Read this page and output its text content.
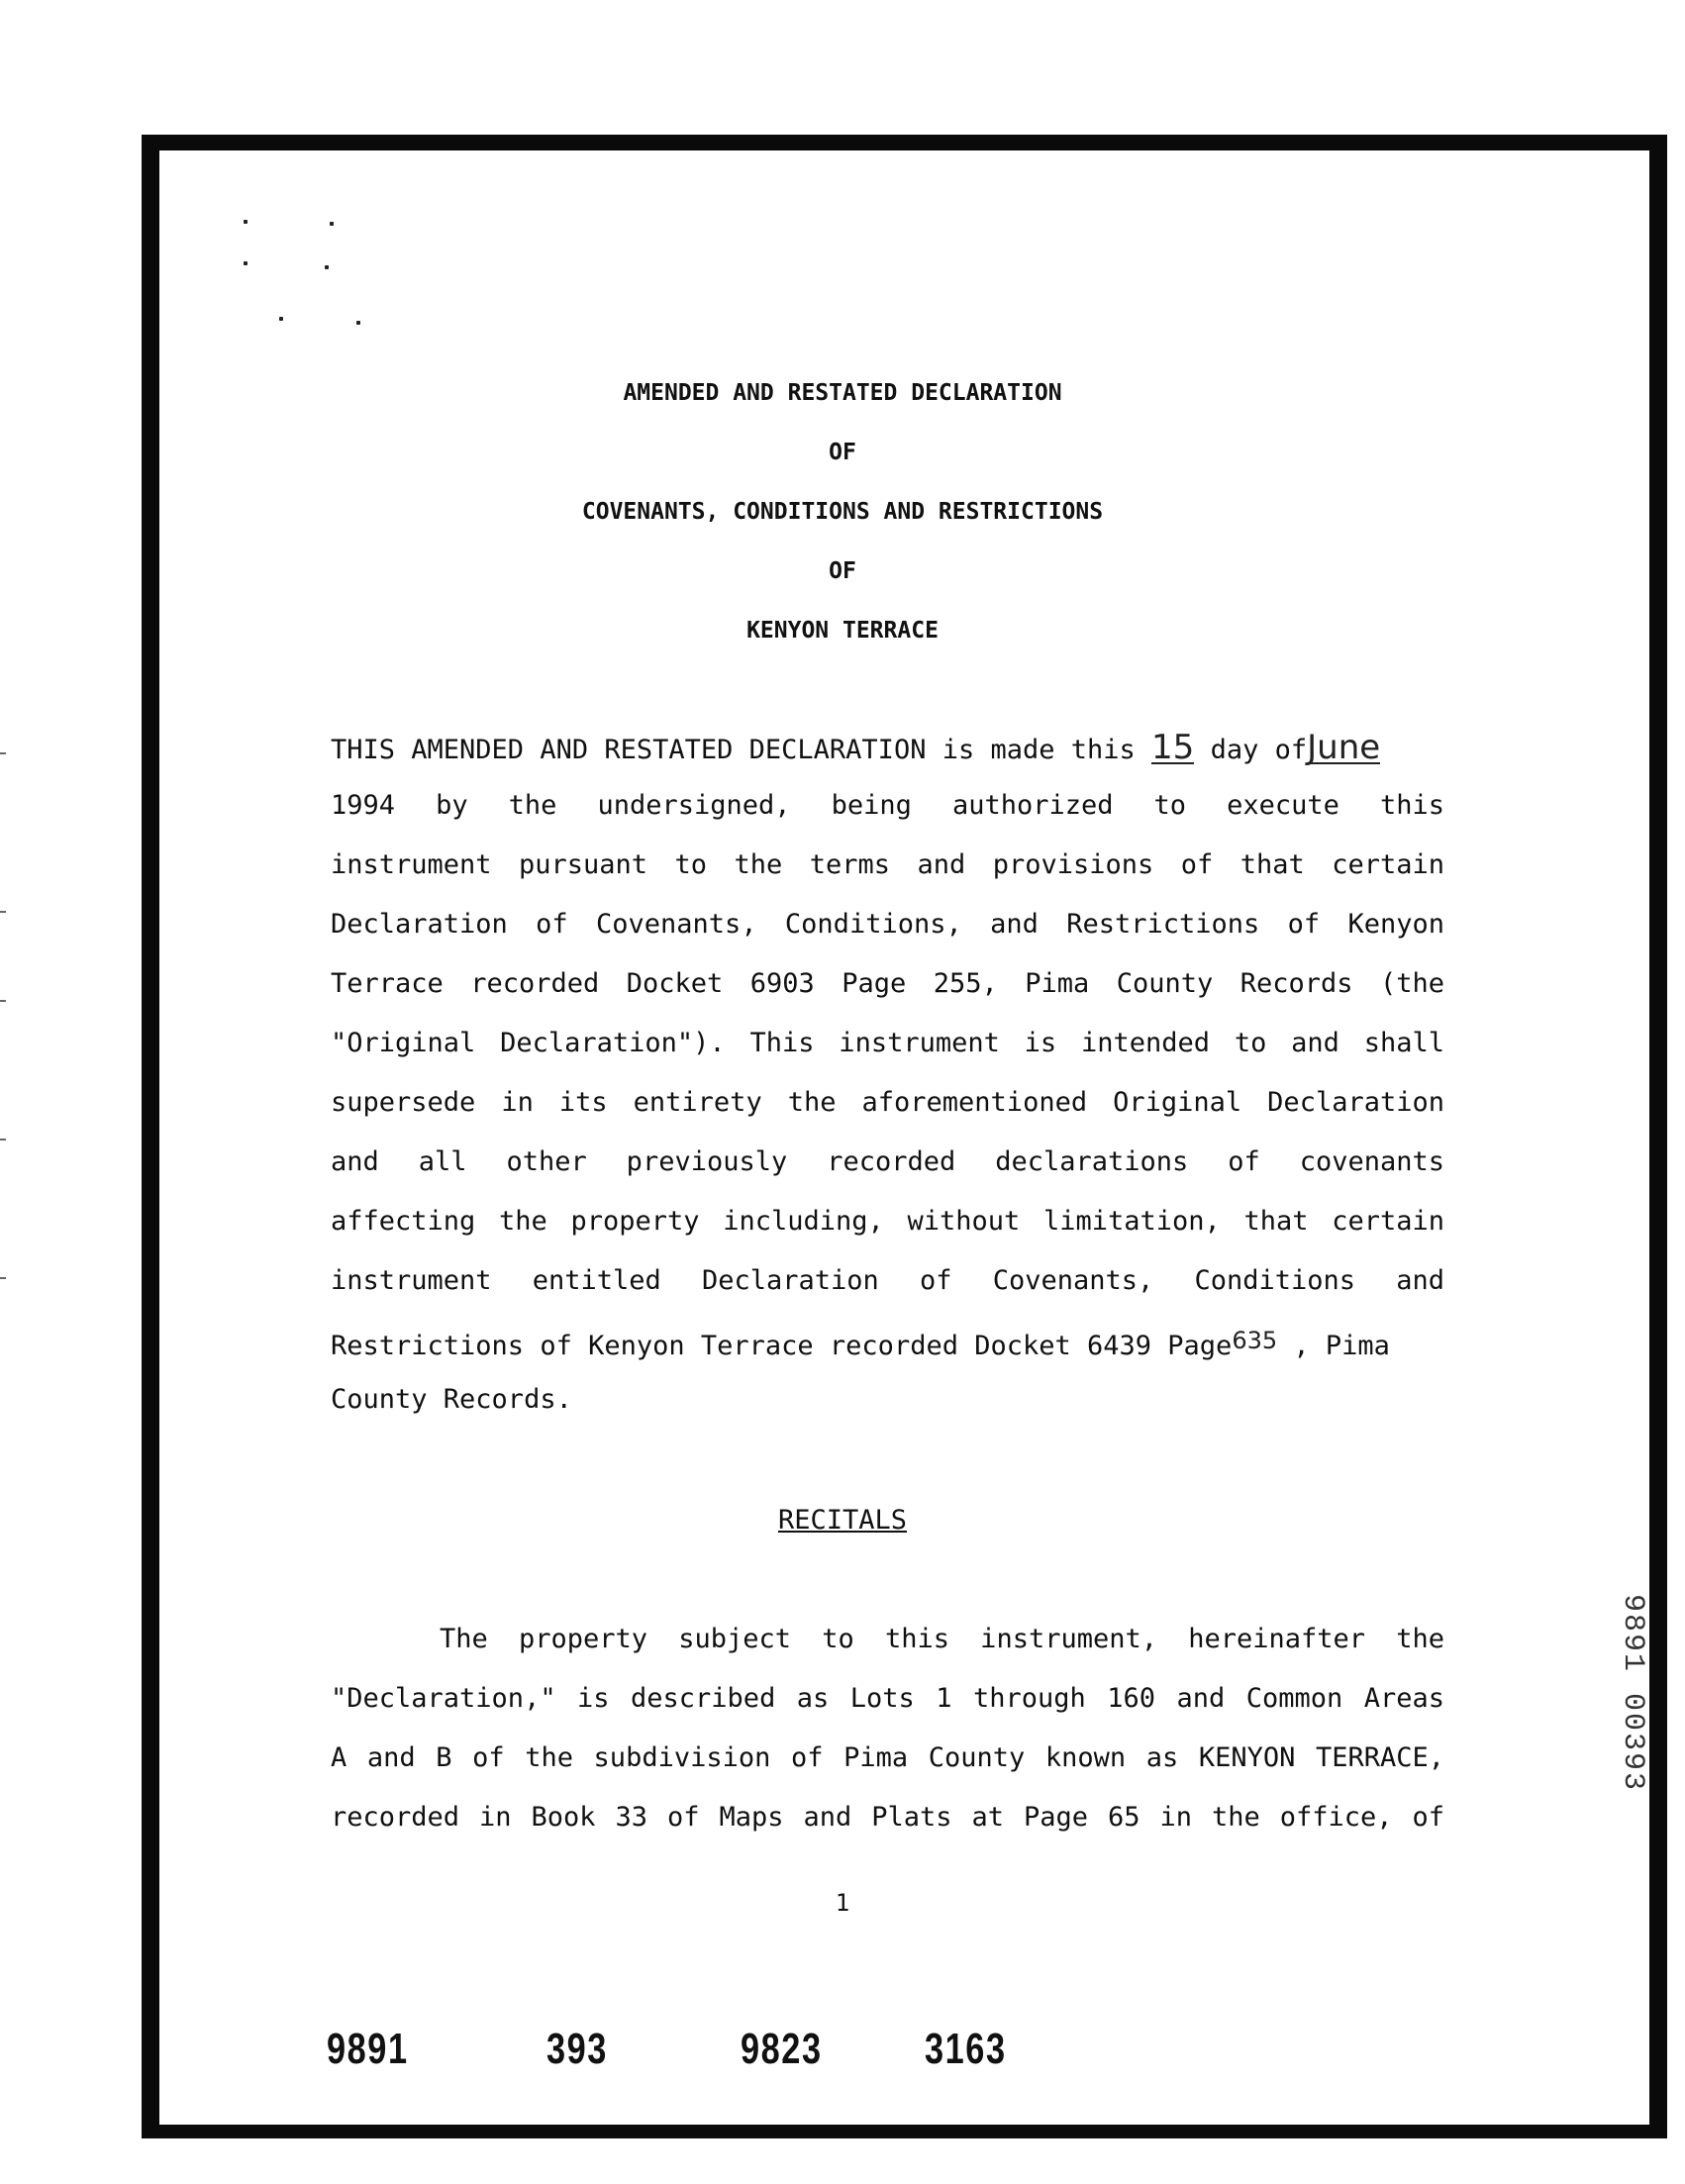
AMENDED AND RESTATED DECLARATION
OF
COVENANTS, CONDITIONS AND RESTRICTIONS
OF
KENYON TERRACE
THIS AMENDED AND RESTATED DECLARATION is made this 15 day ofJune
1994 by the undersigned, being authorized to execute this
instrument pursuant to the terms and provisions of that certain
Declaration of Covenants, Conditions, and Restrictions of Kenyon
Terrace recorded Docket 6903 Page 255, Pima County Records (the
"Original Declaration"). This instrument is intended to and shall
supersede in its entirety the aforementioned Original Declaration
and all other previously recorded declarations of covenants
affecting the property including, without limitation, that certain
instrument entitled Declaration of Covenants, Conditions and
Restrictions of Kenyon Terrace recorded Docket 6439 Page635 , Pima
County Records.
RECITALS
The property subject to this instrument, hereinafter the
"Declaration," is described as Lots 1 through 160 and Common Areas
A and B of the subdivision of Pima County known as KENYON TERRACE,
recorded in Book 33 of Maps and Plats at Page 65 in the office, of
1
9891	393	9823 3163
9891 00393
